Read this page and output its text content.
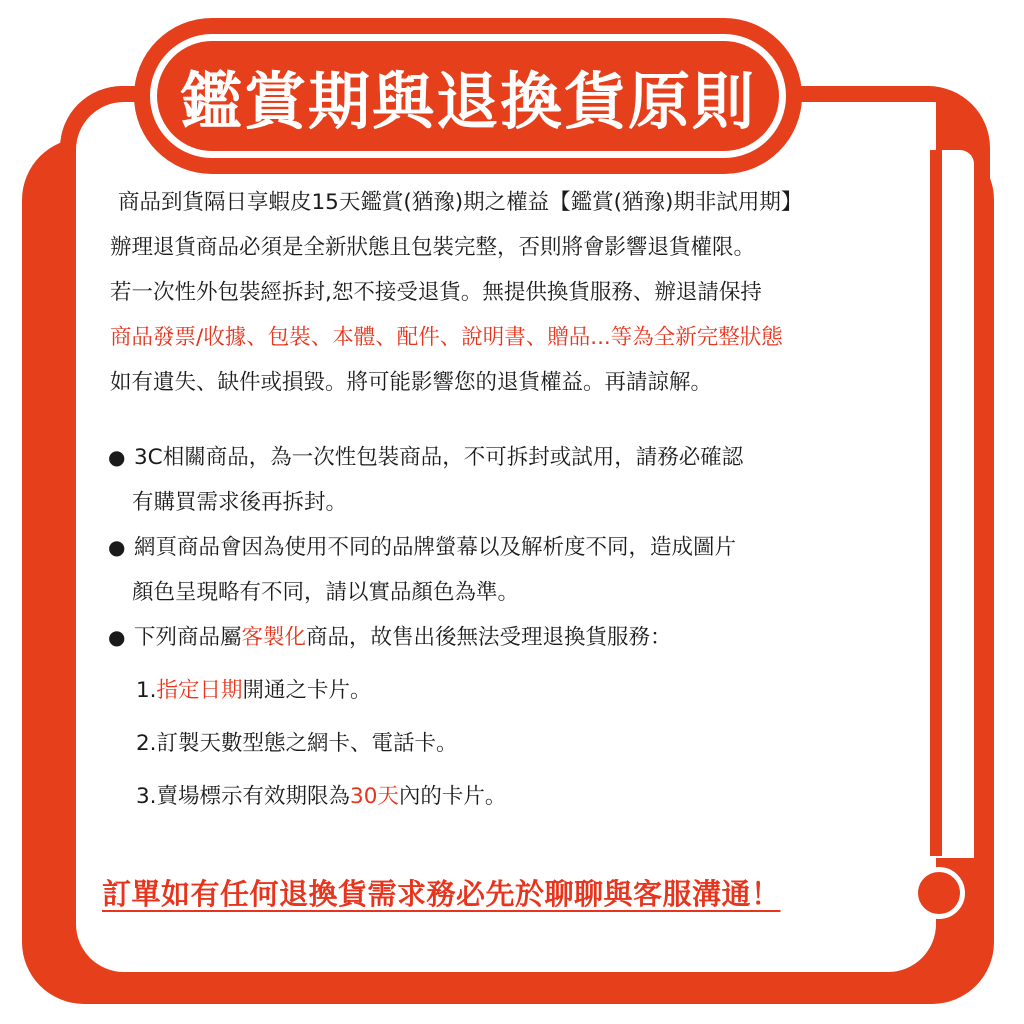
鑑賞期與退換貨原則
商品到貨隔日享蝦皮15天鑑賞(猶豫)期之權益【鑑賞(猶豫)期非試用期】
辦理退貨商品必須是全新狀態且包裝完整，否則將會影響退貨權限。
若一次性外包裝經拆封,恕不接受退貨。無提供換貨服務、辦退請保持
商品發票/收據、包裝、本體、配件、說明書、贈品...等為全新完整狀態
如有遺失、缺件或損毀。將可能影響您的退貨權益。再請諒解。
● 3C相關商品，為一次性包裝商品，不可拆封或試用，請務必確認
有購買需求後再拆封。
● 網頁商品會因為使用不同的品牌螢幕以及解析度不同，造成圖片
顏色呈現略有不同，請以實品顏色為準。
● 下列商品屬客製化商品，故售出後無法受理退換貨服務：
1.指定日期開通之卡片。
2.訂製天數型態之網卡、電話卡。
3.賣場標示有效期限為30天內的卡片。
訂單如有任何退換貨需求務必先於聊聊與客服溝通！
